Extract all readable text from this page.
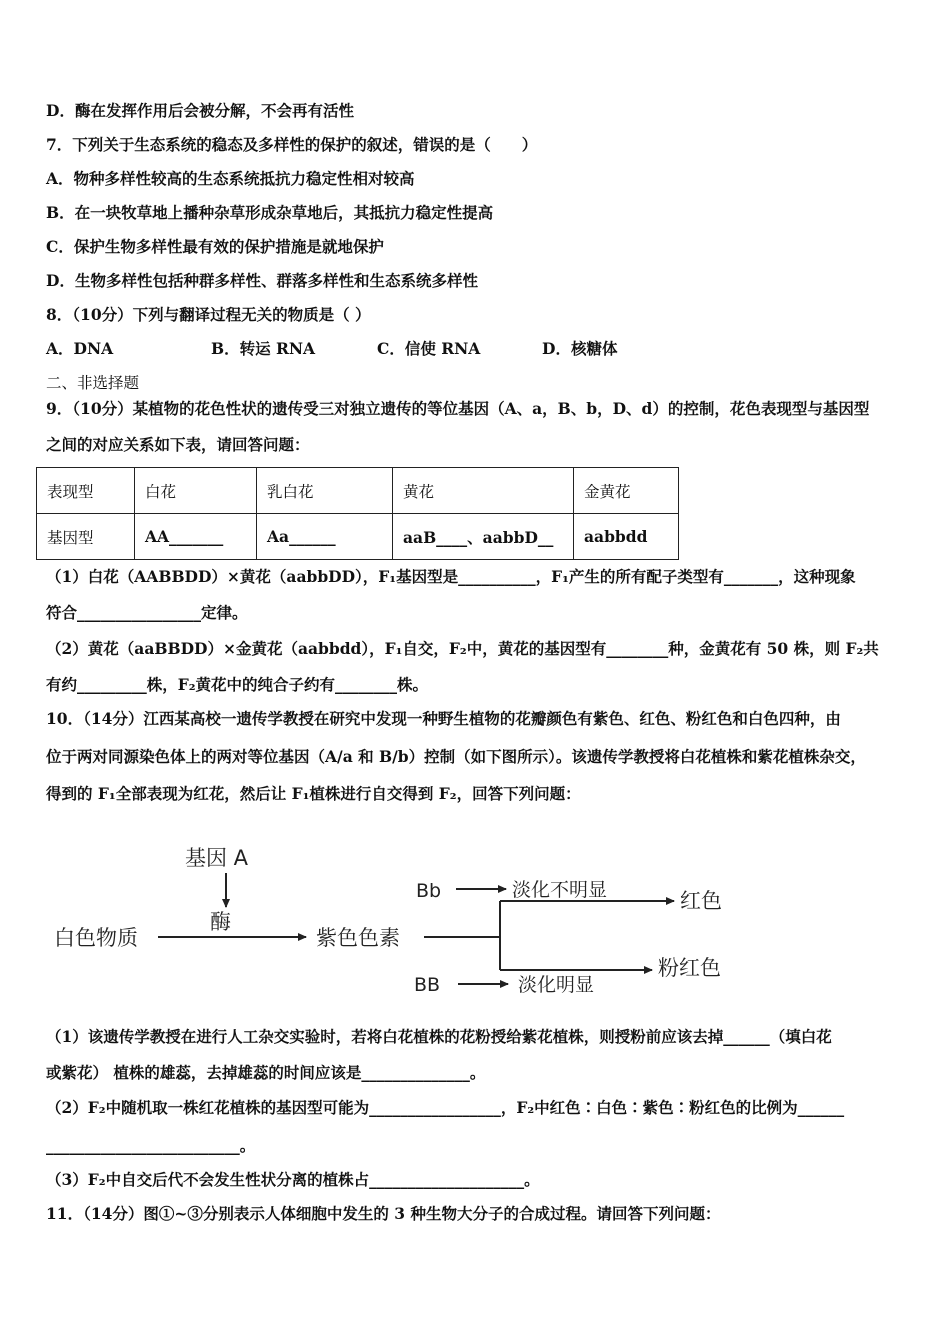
D．酶在发挥作用后会被分解，不会再有活性
7．下列关于生态系统的稳态及多样性的保护的叙述，错误的是（　　）
A．物种多样性较高的生态系统抵抗力稳定性相对较高
B．在一块牧草地上播种杂草形成杂草地后，其抵抗力稳定性提高
C．保护生物多样性最有效的保护措施是就地保护
D．生物多样性包括种群多样性、群落多样性和生态系统多样性
8．（10分）下列与翻译过程无关的物质是（ ）
A．DNA	B．转运 RNA	C．信使 RNA	D．核糖体
二、非选择题
9．（10分）某植物的花色性状的遗传受三对独立遗传的等位基因（A、a，B、b，D、d）的控制，花色表现型与基因型
之间的对应关系如下表，请回答问题：
表现型	白花	乳白花	黄花	金黄花
基因型	AA_______	Aa______	aaB____、aabbD__	aabbdd
（1）白花（AABBDD）×黄花（aabbDD），F₁基因型是__________，F₁产生的所有配子类型有_______，这种现象
符合________________定律。
（2）黄花（aaBBDD）×金黄花（aabbdd），F₁自交，F₂中，黄花的基因型有________种，金黄花有 50 株，则 F₂共
有约_________株，F₂黄花中的纯合子约有________株。
10．（14分）江西某高校一遗传学教授在研究中发现一种野生植物的花瓣颜色有紫色、红色、粉红色和白色四种，由
位于两对同源染色体上的两对等位基因（A/a 和 B/b）控制（如下图所示）。该遗传学教授将白花植株和紫花植株杂交，
得到的 F₁全部表现为红花，然后让 F₁植株进行自交得到 F₂，回答下列问题：
基因 A
酶
白色物质	紫色色素
Bb	淡化不明显	红色
BB	淡化明显
粉红色
（1）该遗传学教授在进行人工杂交实验时，若将白花植株的花粉授给紫花植株，则授粉前应该去掉______（填白花
或紫花） 植株的雄蕊，去掉雄蕊的时间应该是______________。
（2）F₂中随机取一株红花植株的基因型可能为_________________，F₂中红色∶白色∶紫色∶粉红色的比例为______
_________________________。
（3）F₂中自交后代不会发生性状分离的植株占____________________。
11．（14分）图①~③分别表示人体细胞中发生的 3 种生物大分子的合成过程。请回答下列问题：
